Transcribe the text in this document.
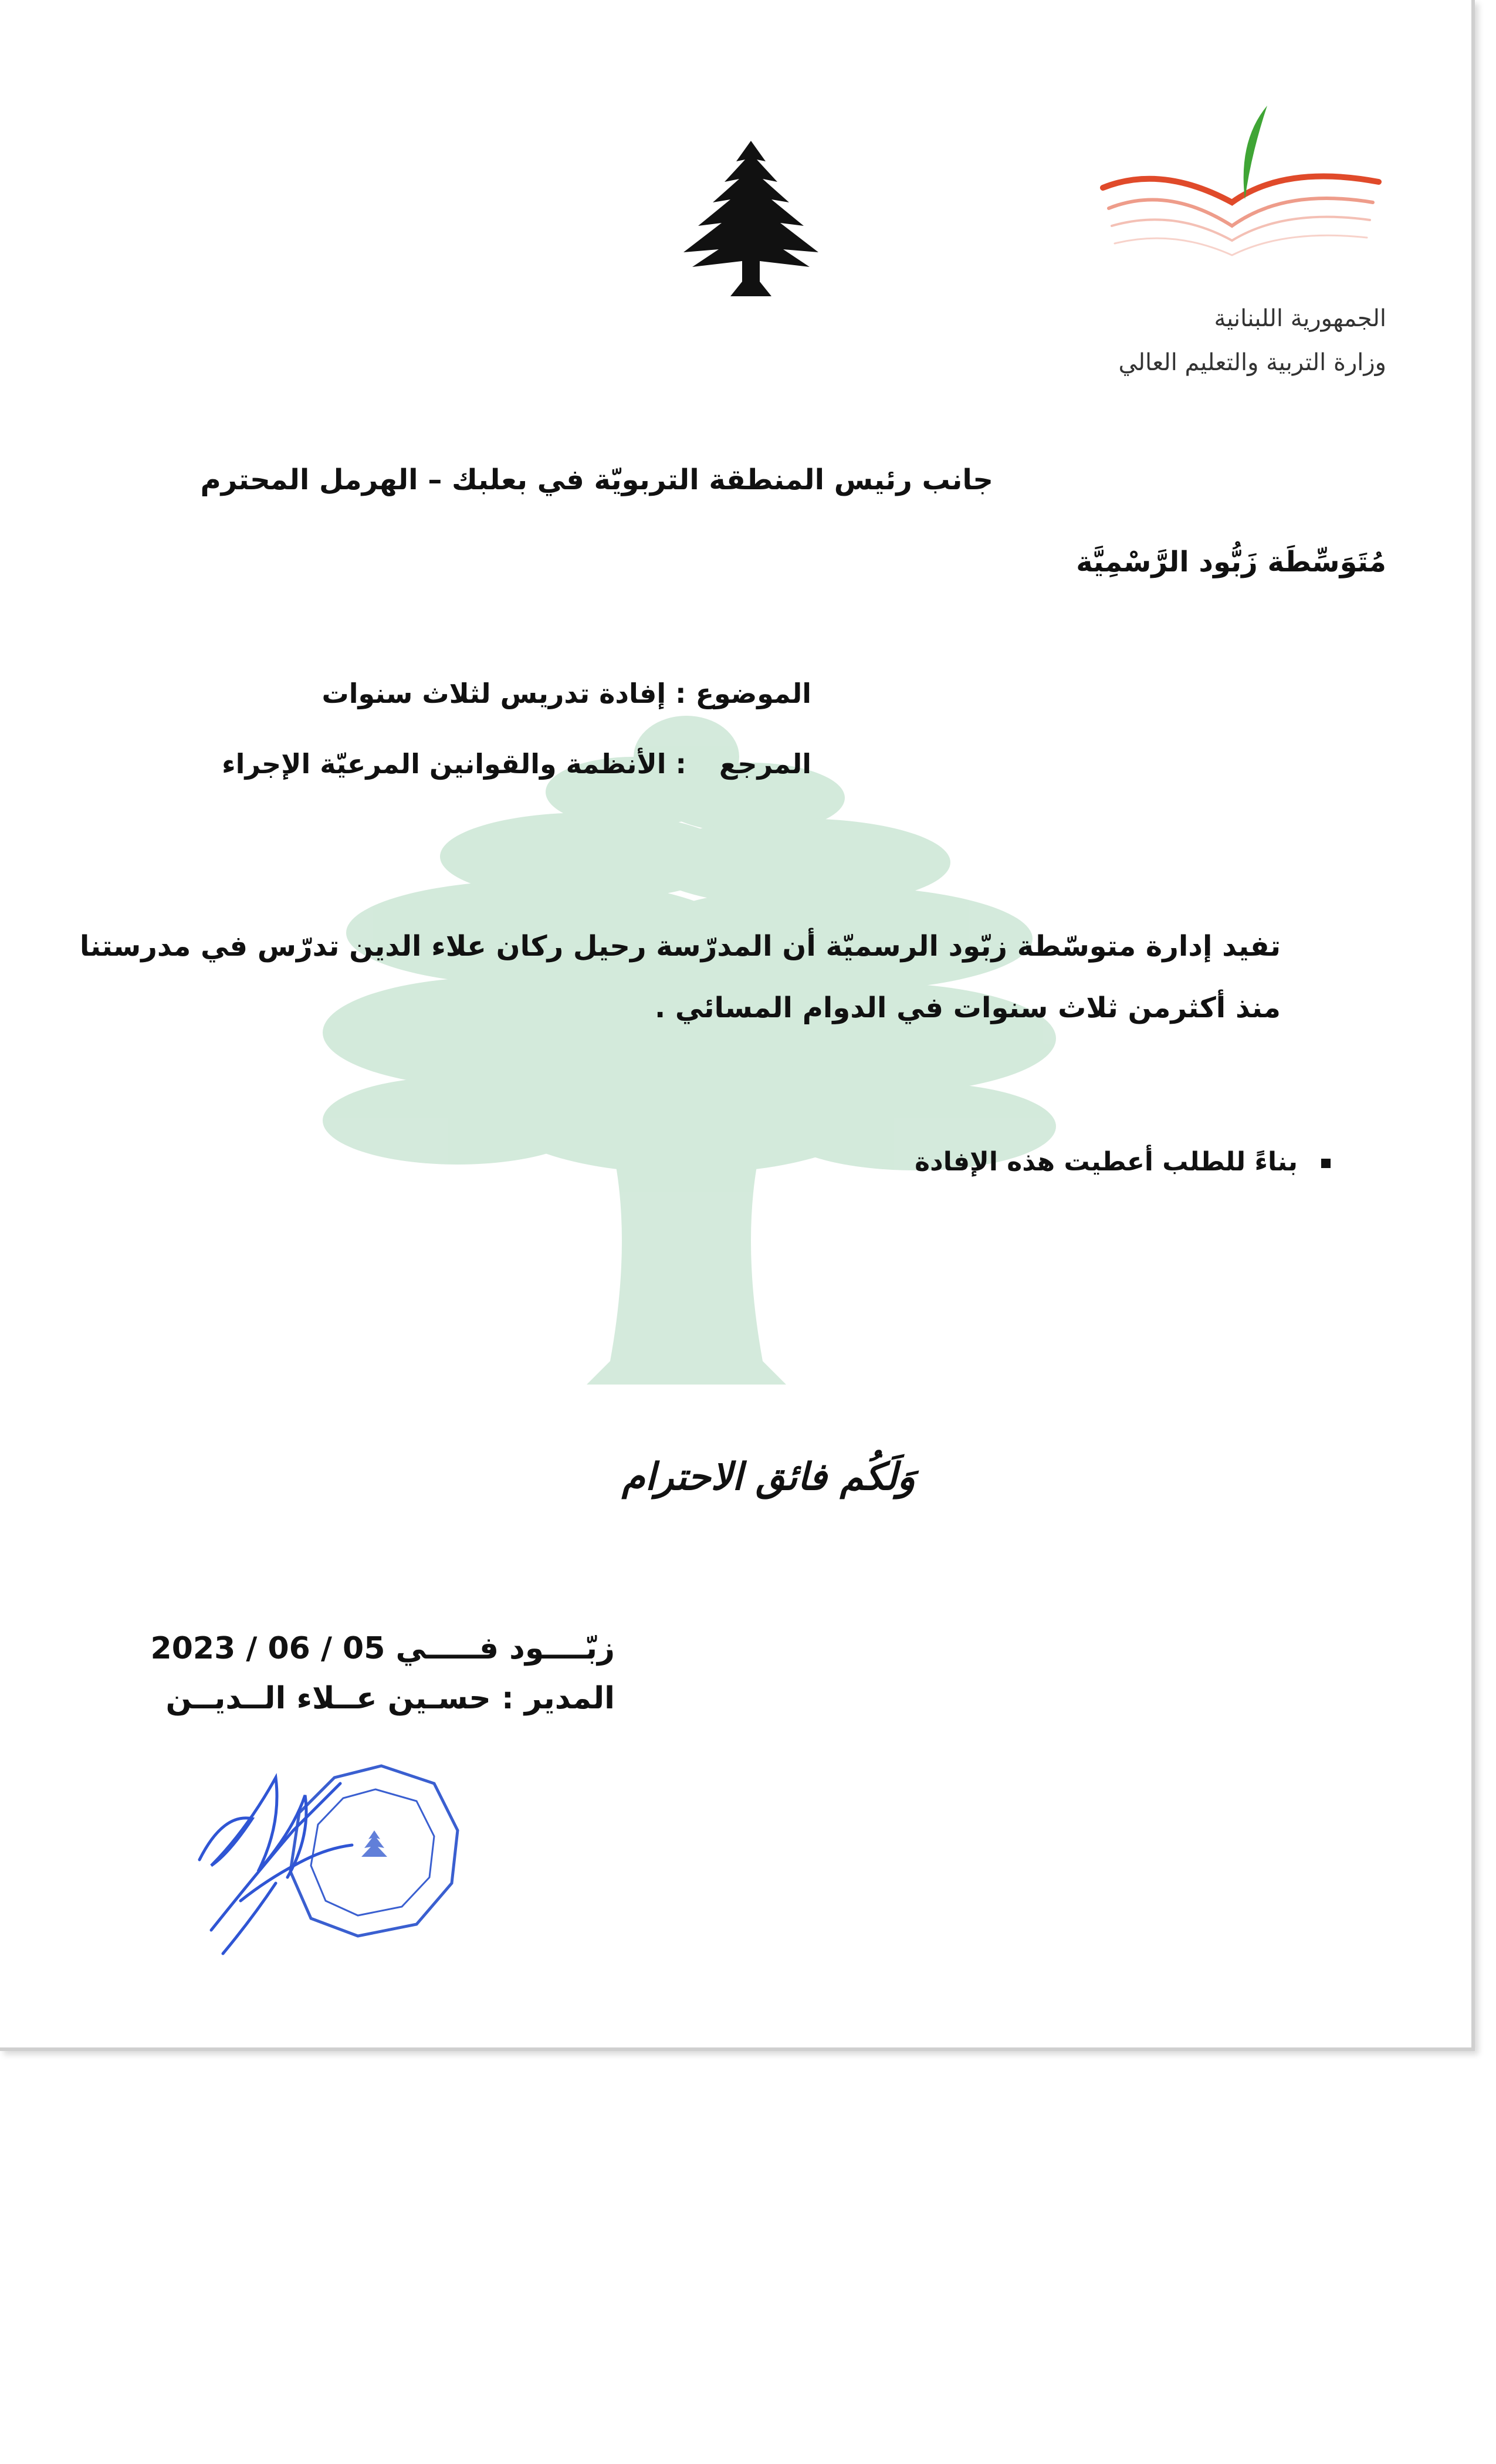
الجمهورية اللبنانية
وزارة التربية والتعليم العالي
جانب رئيس المنطقة التربويّة في بعلبك – الهرمل المحترم
مُتَوَسِّطَة زَبُّود الرَّسْمِيَّة
الموضوع : إفادة تدريس لثلاث سنوات
المرجع : الأنظمة والقوانين المرعيّة الإجراء
تفيد إدارة متوسّطة زبّود الرسميّة أن المدرّسة رحيل ركان علاء الدين تدرّس في مدرستنا
منذ أكثرمن ثلاث سنوات في الدوام المسائي .
بناءً للطلب أعطيت هذه الإفادة
وَلَكُم فائق الاحترام
زبّــــود فـــــي 05 / 06 / 2023
المدير : حسـين عــلاء الــديــن
